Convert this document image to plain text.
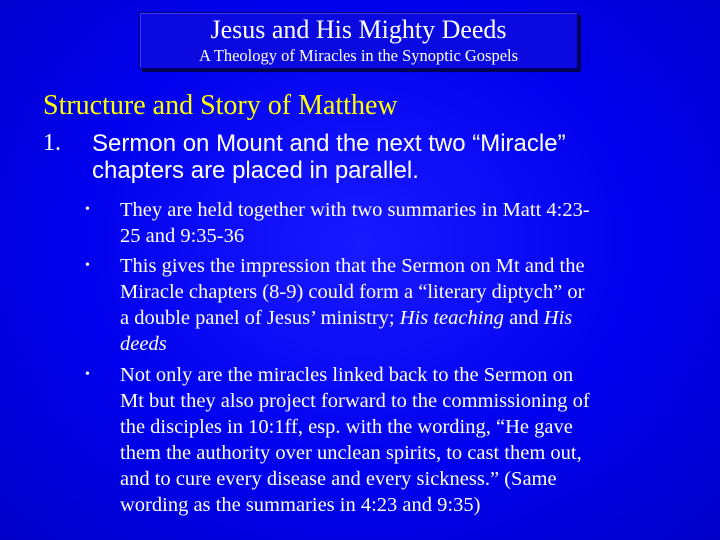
Jesus and His Mighty Deeds
A Theology of Miracles in the Synoptic Gospels
Structure and Story of Matthew
1. Sermon on Mount and the next two “Miracle”
chapters are placed in parallel.
• They are held together with two summaries in Matt 4:23-
25 and 9:35-36
• This gives the impression that the Sermon on Mt and the
Miracle chapters (8-9) could form a “literary diptych” or
a double panel of Jesus’ ministry; His teaching and His
deeds
• Not only are the miracles linked back to the Sermon on
Mt but they also project forward to the commissioning of
the disciples in 10:1ff, esp. with the wording, “He gave
them the authority over unclean spirits, to cast them out,
and to cure every disease and every sickness.” (Same
wording as the summaries in 4:23 and 9:35)
